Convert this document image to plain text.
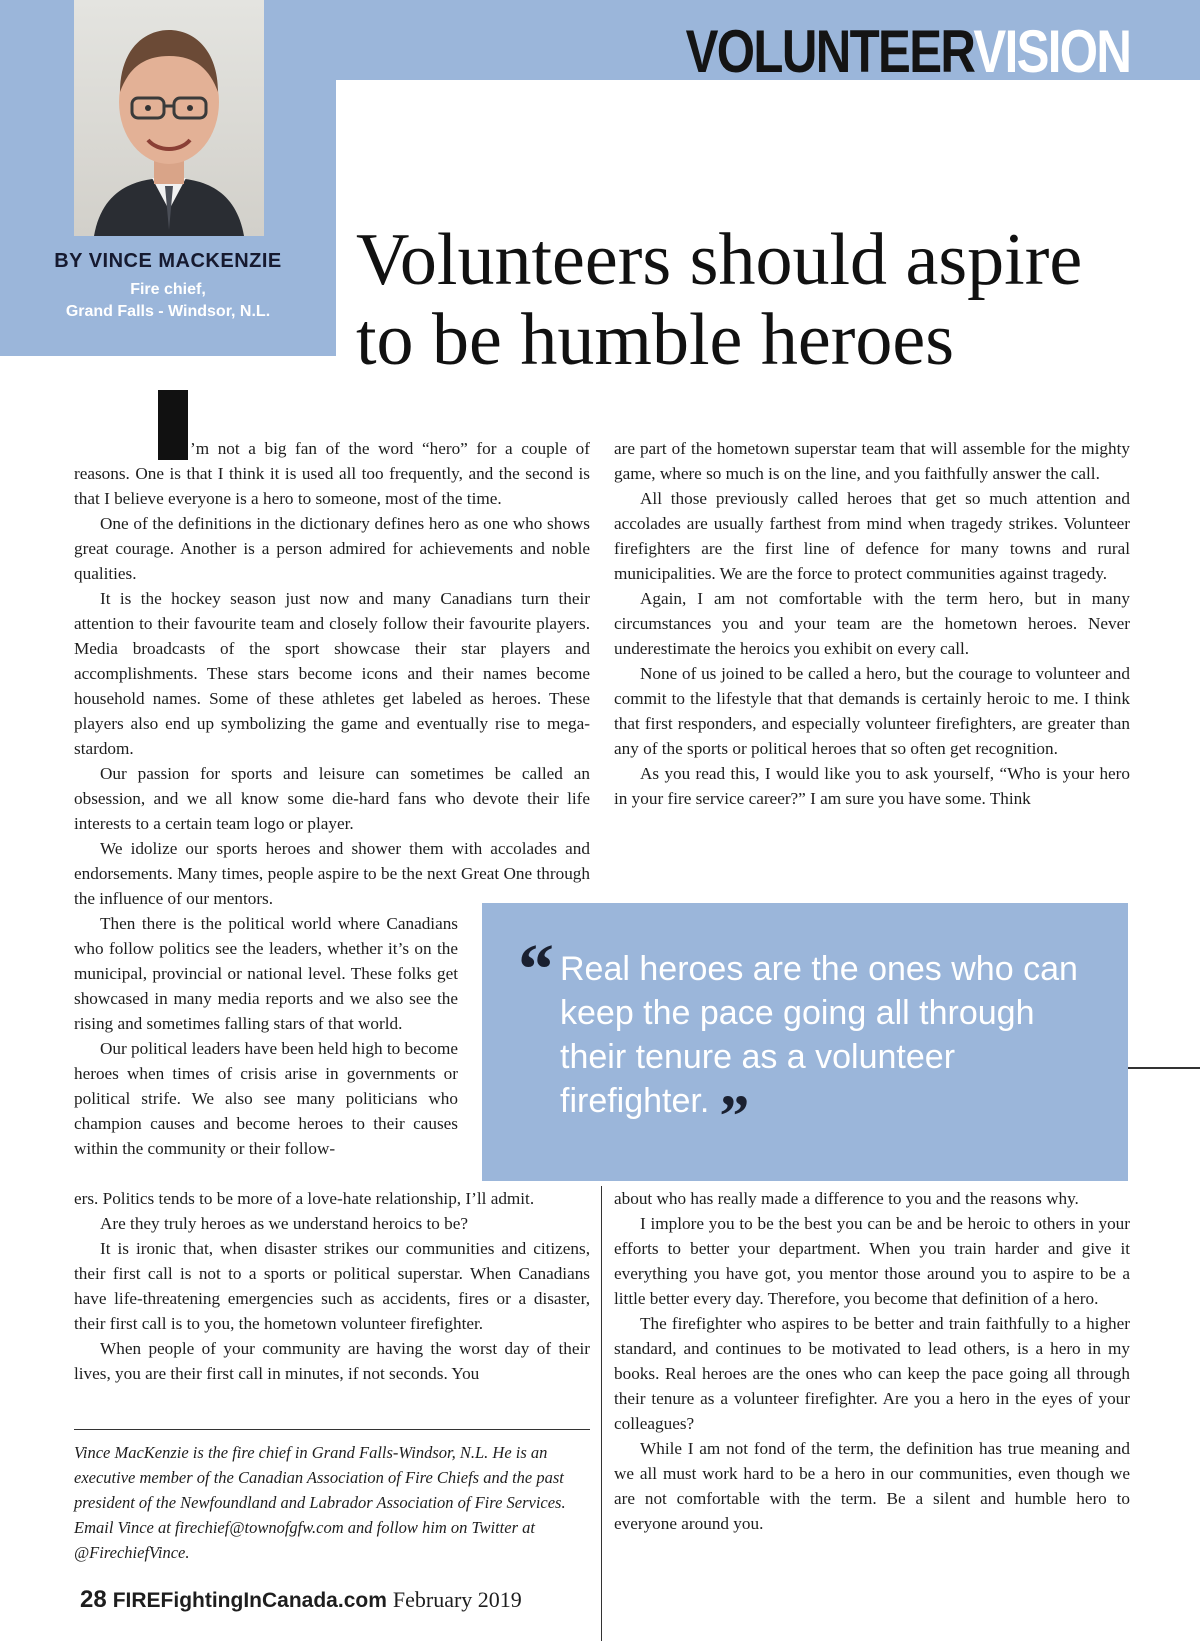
VOLUNTEERVISION
BY VINCE MACKENZIE
Fire chief,
Grand Falls - Windsor, N.L.
Volunteers should aspire
to be humble heroes

’m not a big fan of the word “hero” for a couple of reasons. One is that I think it is used all too frequently, and the second is that I believe everyone is a hero to someone, most of the time.

One of the definitions in the dictionary defines hero as one who shows great courage. Another is a person admired for achievements and noble qualities.

It is the hockey season just now and many Canadians turn their attention to their favourite team and closely follow their favourite players. Media broadcasts of the sport showcase their star players and accomplishments. These stars become icons and their names become household names. Some of these athletes get labeled as heroes. These players also end up symbolizing the game and eventually rise to mega-stardom.

Our passion for sports and leisure can sometimes be called an obsession, and we all know some die-hard fans who devote their life interests to a certain team logo or player.

We idolize our sports heroes and shower them with accolades and endorsements. Many times, people aspire to be the next Great One through the influence of our mentors.

Then there is the political world where Canadians who follow politics see the leaders, whether it’s on the municipal, provincial or national level. These folks get showcased in many media reports and we also see the rising and sometimes falling stars of that world.

Our political leaders have been held high to become heroes when times of crisis arise in governments or political strife. We also see many politicians who champion causes and become heroes to their causes within the community or their follow-

ers. Politics tends to be more of a love-hate relationship, I’ll admit.

Are they truly heroes as we understand heroics to be?

It is ironic that, when disaster strikes our communities and citizens, their first call is not to a sports or political superstar. When Canadians have life-threatening emergencies such as accidents, fires or a disaster, their first call is to you, the hometown volunteer firefighter.

When people of your community are having the worst day of their lives, you are their first call in minutes, if not seconds. You

are part of the hometown superstar team that will assemble for the mighty game, where so much is on the line, and you faithfully answer the call.

All those previously called heroes that get so much attention and accolades are usually farthest from mind when tragedy strikes. Volunteer firefighters are the first line of defence for many towns and rural municipalities. We are the force to protect communities against tragedy.

Again, I am not comfortable with the term hero, but in many circumstances you and your team are the hometown heroes. Never underestimate the heroics you exhibit on every call.

None of us joined to be called a hero, but the courage to volunteer and commit to the lifestyle that that demands is certainly heroic to me. I think that first responders, and especially volunteer firefighters, are greater than any of the sports or political heroes that so often get recognition.

As you read this, I would like you to ask yourself, “Who is your hero in your fire service career?” I am sure you have some. Think

“ Real heroes are the ones who can keep the pace going all through their tenure as a volunteer firefighter. ”

about who has really made a difference to you and the reasons why.

I implore you to be the best you can be and be heroic to others in your efforts to better your department. When you train harder and give it everything you have got, you mentor those around you to aspire to be a little better every day. Therefore, you become that definition of a hero.

The firefighter who aspires to be better and train faithfully to a higher standard, and continues to be motivated to lead others, is a hero in my books. Real heroes are the ones who can keep the pace going all through their tenure as a volunteer firefighter. Are you a hero in the eyes of your colleagues?

While I am not fond of the term, the definition has true meaning and we all must work hard to be a hero in our communities, even though we are not comfortable with the term. Be a silent and humble hero to everyone around you.

Vince MacKenzie is the fire chief in Grand Falls-Windsor, N.L. He is an executive member of the Canadian Association of Fire Chiefs and the past president of the Newfoundland and Labrador Association of Fire Services. Email Vince at firechief@townofgfw.com and follow him on Twitter at @FirechiefVince.
28 FIREFightingInCanada.com February 2019
